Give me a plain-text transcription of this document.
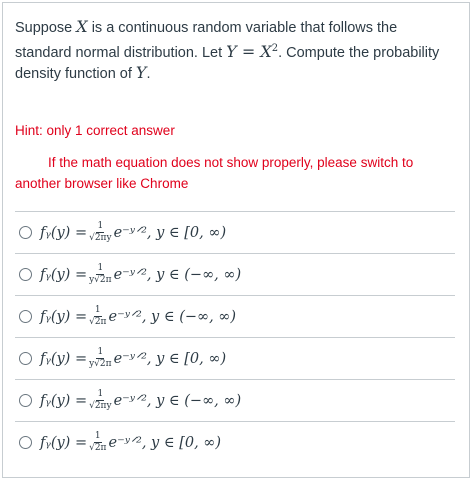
Suppose X is a continuous random variable that follows the standard normal distribution. Let $Y = X^2$. Compute the probability density function of Y.
Hint: only 1 correct answer
If the math equation does not show properly, please switch to
another browser like Chrome
fᵧ(y) = $\frac{1}{√2\pi y}$ e⁻ʸᐟ² , y ∈ [0, ∞)
fᵧ(y) = $\frac{1}{y√2\pi}$ e⁻ʸᐟ² , y ∈ (−∞, ∞)
fᵧ(y) = $\frac{1}{√2\pi}$ e⁻ʸᐟ² , y ∈ (−∞, ∞)
fᵧ(y) = $\frac{1}{y√2\pi}$ e⁻ʸᐟ² , y ∈ [0, ∞)
fᵧ(y) = $\frac{1}{√2\pi y}$ e⁻ʸᐟ² , y ∈ (−∞, ∞)
fᵧ(y) = $\frac{1}{√2\pi}$ e⁻ʸᐟ² , y ∈ [0, ∞)
